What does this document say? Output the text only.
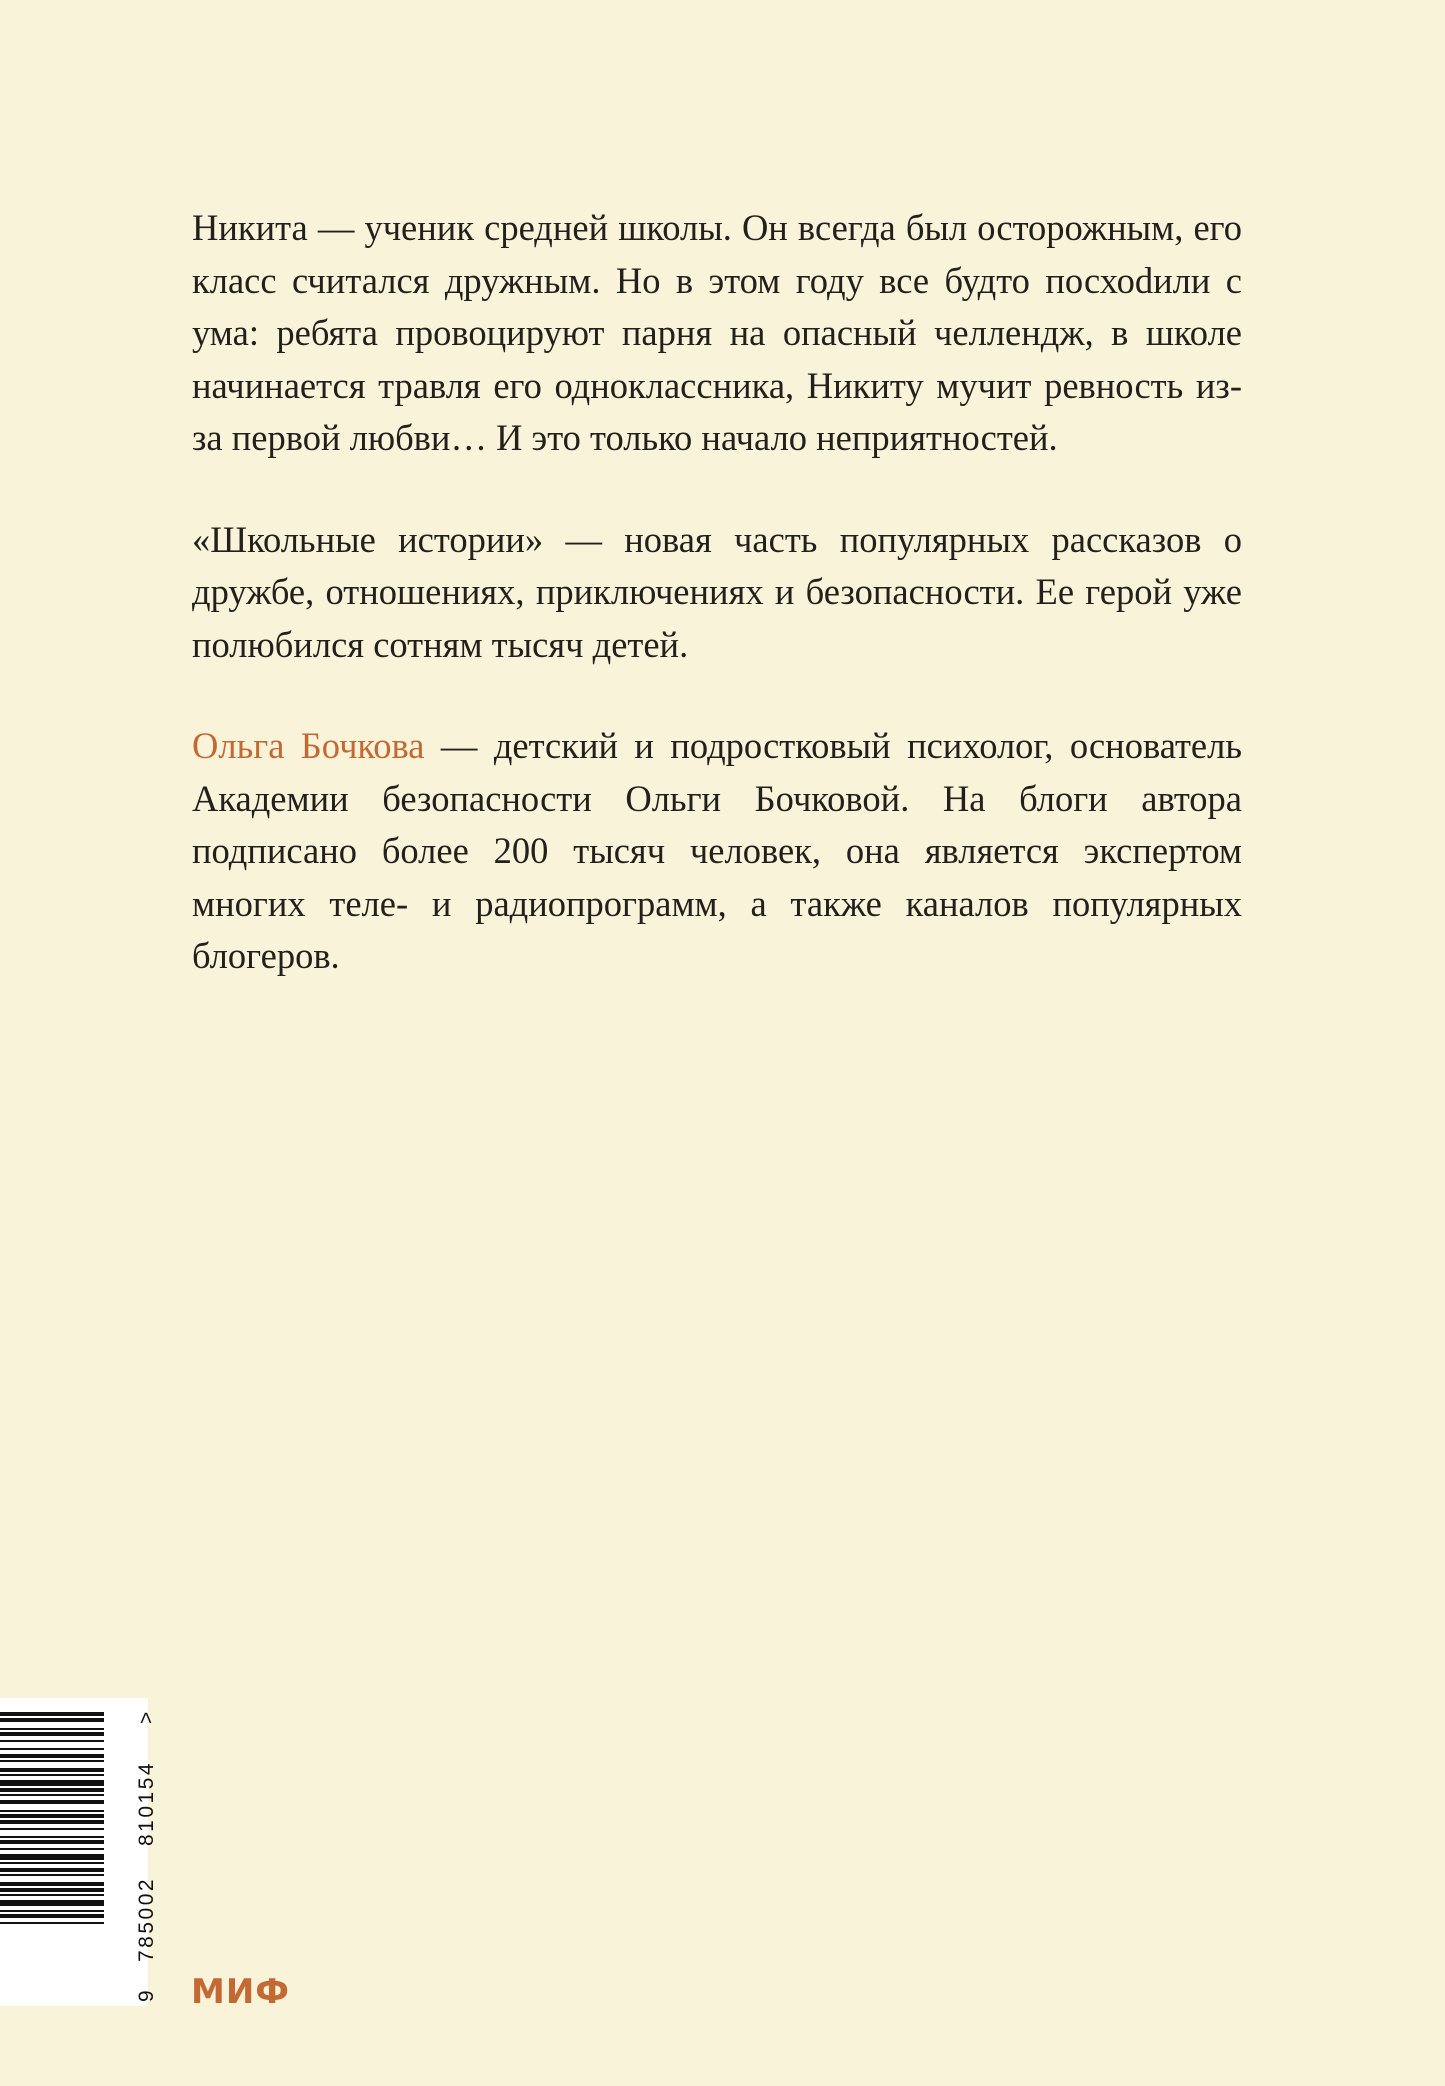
Никита — ученик средней школы. Он всегда был осторожным, его класс считался дружным. Но в этом году все будто посхоdили с ума: ребята провоцируют парня на опасный челлендж, в школе начинается травля его одноклассника, Никиту мучит ревность из-за первой любви… И это только начало неприятностей.

«Школьные истории» — новая часть популярных рассказов о дружбе, отношениях, приключениях и безопасности. Ее герой уже полюбился сотням тысяч детей.

Ольга Бочкова — детский и подростковый психолог, основатель Академии безопасности Ольги Бочковой. На блоги автора подписано более 200 тысяч человек, она является экспертом многих теле- и радиопрограмм, а также каналов популярных блогеров.

9
785002
810154
>
МИФ
